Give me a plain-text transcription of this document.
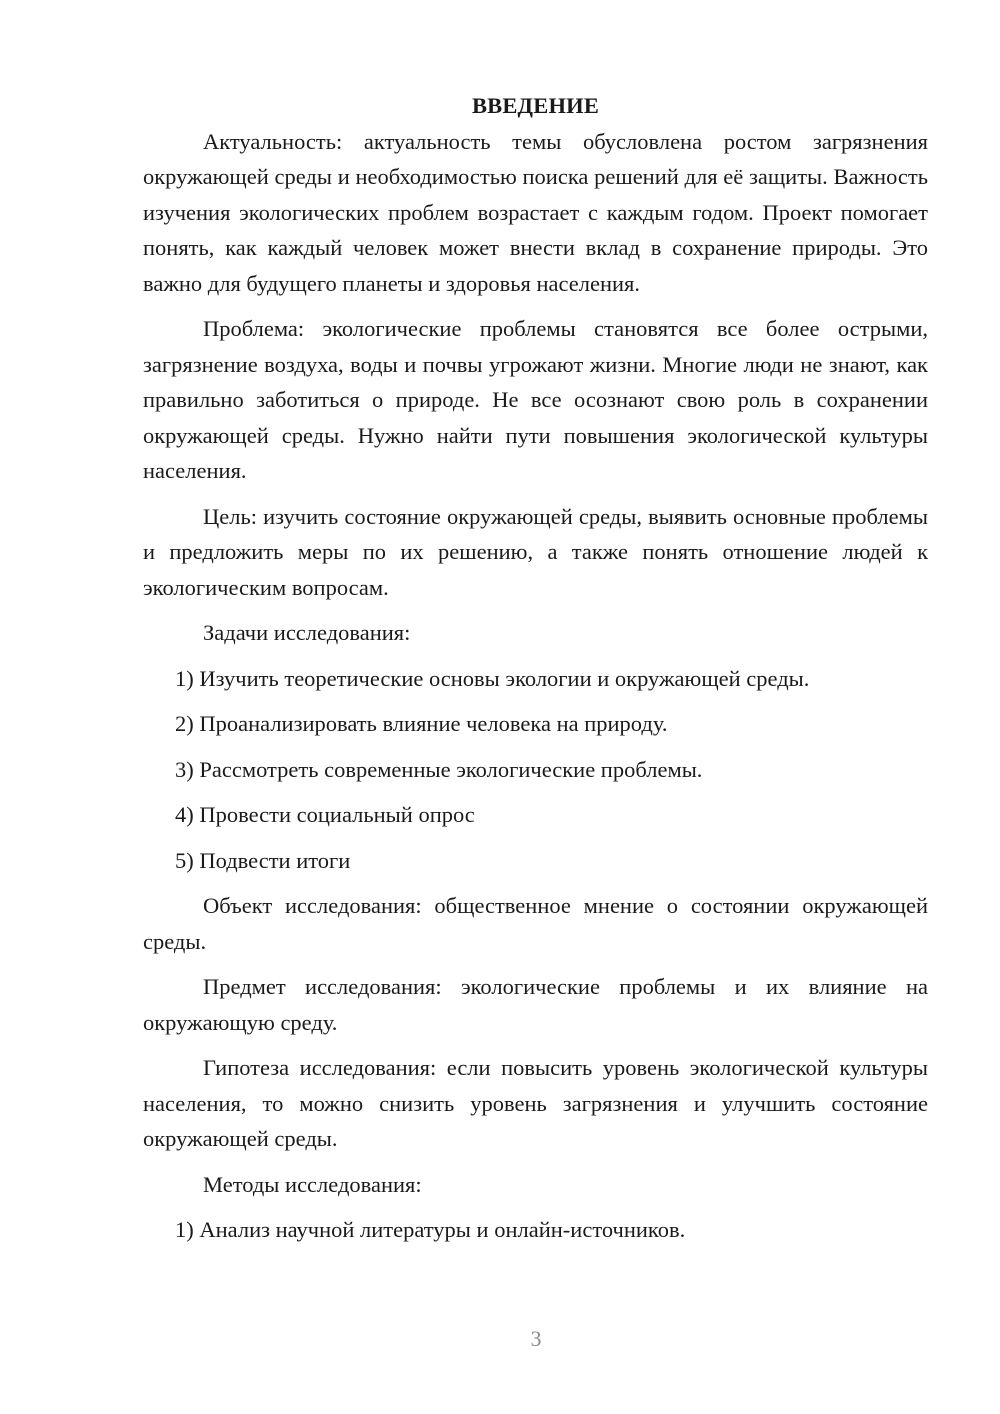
ВВЕДЕНИЕ

Актуальность: актуальность темы обусловлена ростом загрязнения окружающей среды и необходимостью поиска решений для её защиты. Важность изучения экологических проблем возрастает с каждым годом. Проект помогает понять, как каждый человек может внести вклад в сохранение природы. Это важно для будущего планеты и здоровья населения.

Проблема: экологические проблемы становятся все более острыми, загрязнение воздуха, воды и почвы угрожают жизни. Многие люди не знают, как правильно заботиться о природе. Не все осознают свою роль в сохранении окружающей среды. Нужно найти пути повышения экологической культуры населения.

Цель: изучить состояние окружающей среды, выявить основные проблемы и предложить меры по их решению, а также понять отношение людей к экологическим вопросам.

Задачи исследования:

1) Изучить теоретические основы экологии и окружающей среды.

2) Проанализировать влияние человека на природу.

3) Рассмотреть современные экологические проблемы.

4) Провести социальный опрос

5) Подвести итоги

Объект исследования: общественное мнение о состоянии окружающей среды.

Предмет исследования: экологические проблемы и их влияние на окружающую среду.

Гипотеза исследования: если повысить уровень экологической культуры населения, то можно снизить уровень загрязнения и улучшить состояние окружающей среды.

Методы исследования:

1) Анализ научной литературы и онлайн-источников.

3
